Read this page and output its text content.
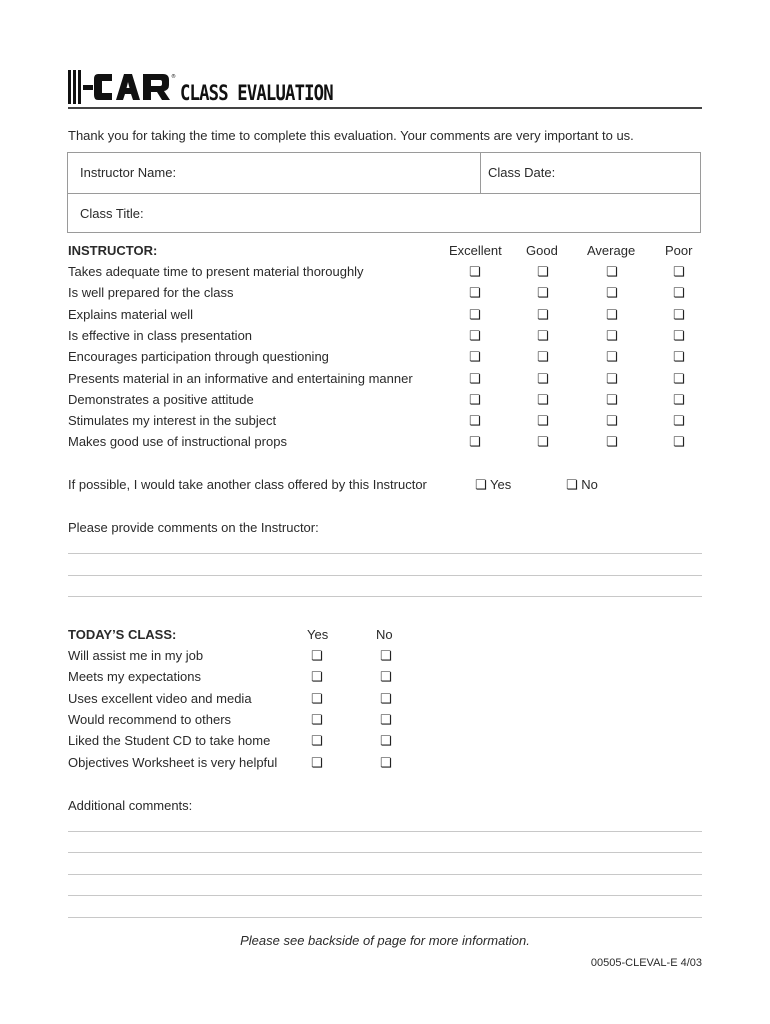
®
CLASS EVALUATION
Thank you for taking the time to complete this evaluation. Your comments are very important to us.
Instructor Name:	Class Date:
Class Title:
INSTRUCTOR:	Excellent Good Average Poor
Takes adequate time to present material thoroughly	❏	❏	❏	❏
Is well prepared for the class	❏	❏	❏	❏
Explains material well	❏	❏	❏	❏
Is effective in class presentation	❏	❏	❏	❏
Encourages participation through questioning	❏	❏	❏	❏
Presents material in an informative and entertaining manner	❏	❏	❏	❏
Demonstrates a positive attitude	❏	❏	❏	❏
Stimulates my interest in the subject	❏	❏	❏	❏
Makes good use of instructional props	❏	❏	❏	❏
If possible, I would take another class offered by this Instructor	❏ Yes	❏ No
Please provide comments on the Instructor:
TODAY’S CLASS:	Yes	No
Will assist me in my job	❏	❏
Meets my expectations	❏	❏
Uses excellent video and media	❏	❏
Would recommend to others	❏	❏
Liked the Student CD to take home	❏	❏
Objectives Worksheet is very helpful	❏	❏
Additional comments:
Please see backside of page for more information.
00505-CLEVAL-E 4/03
